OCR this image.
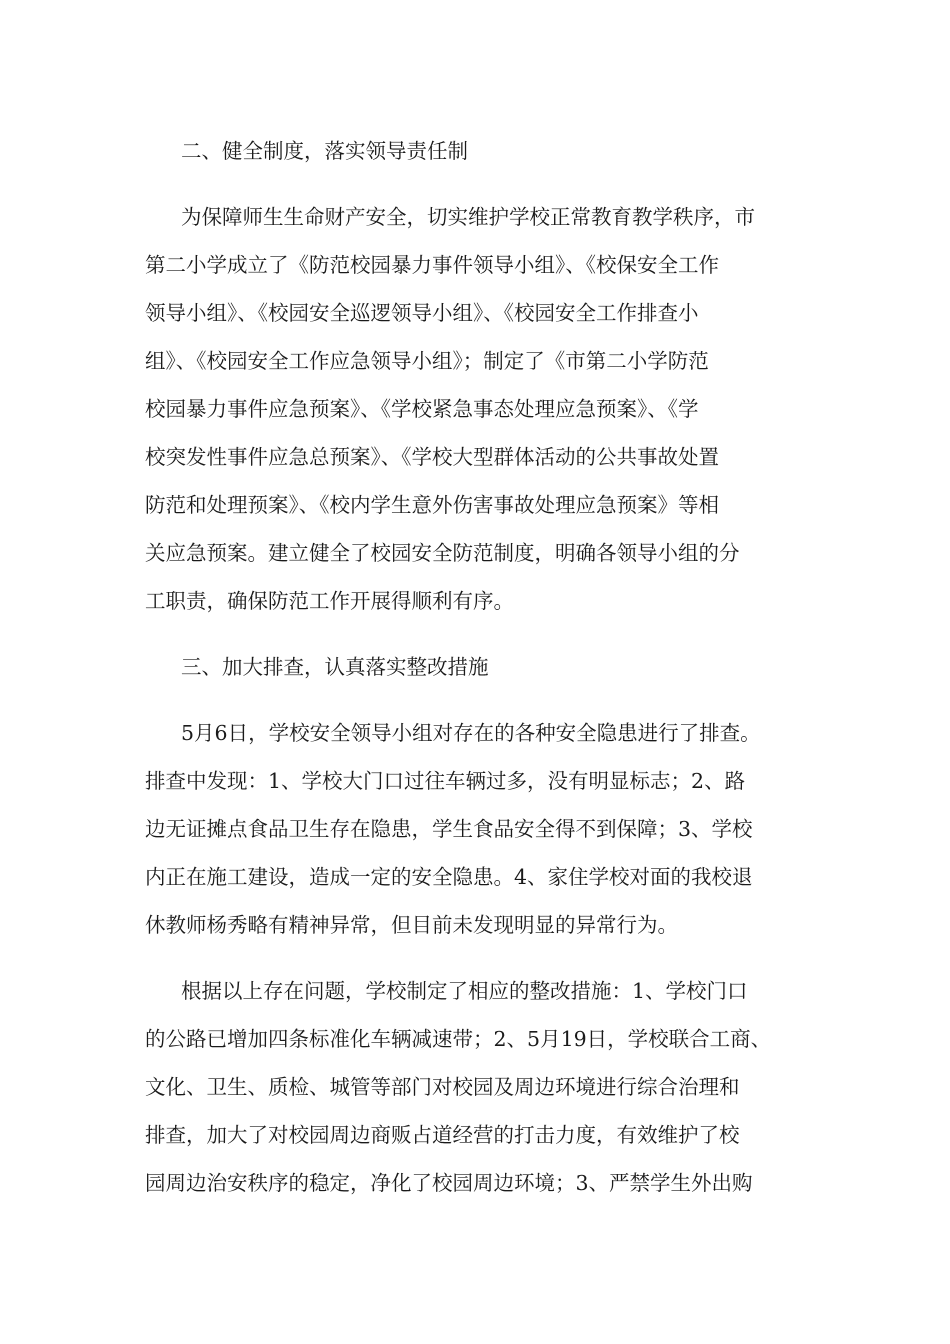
二、健全制度，落实领导责任制
为保障师生生命财产安全，切实维护学校正常教育教学秩序，市
第二小学成立了《防范校园暴力事件领导小组》、《校保安全工作
领导小组》、《校园安全巡逻领导小组》、《校园安全工作排查小
组》、《校园安全工作应急领导小组》；制定了《市第二小学防范
校园暴力事件应急预案》、《学校紧急事态处理应急预案》、《学
校突发性事件应急总预案》、《学校大型群体活动的公共事故处置
防范和处理预案》、《校内学生意外伤害事故处理应急预案》等相
关应急预案。建立健全了校园安全防范制度，明确各领导小组的分
工职责，确保防范工作开展得顺利有序。
三、加大排查，认真落实整改措施
5月6日，学校安全领导小组对存在的各种安全隐患进行了排查。
排查中发现：1、学校大门口过往车辆过多，没有明显标志；2、路
边无证摊点食品卫生存在隐患，学生食品安全得不到保障；3、学校
内正在施工建设，造成一定的安全隐患。4、家住学校对面的我校退
休教师杨秀略有精神异常，但目前未发现明显的异常行为。
根据以上存在问题，学校制定了相应的整改措施：1、学校门口
的公路已增加四条标准化车辆减速带；2、5月19日，学校联合工商、
文化、卫生、质检、城管等部门对校园及周边环境进行综合治理和
排查，加大了对校园周边商贩占道经营的打击力度，有效维护了校
园周边治安秩序的稳定，净化了校园周边环境；3、严禁学生外出购
